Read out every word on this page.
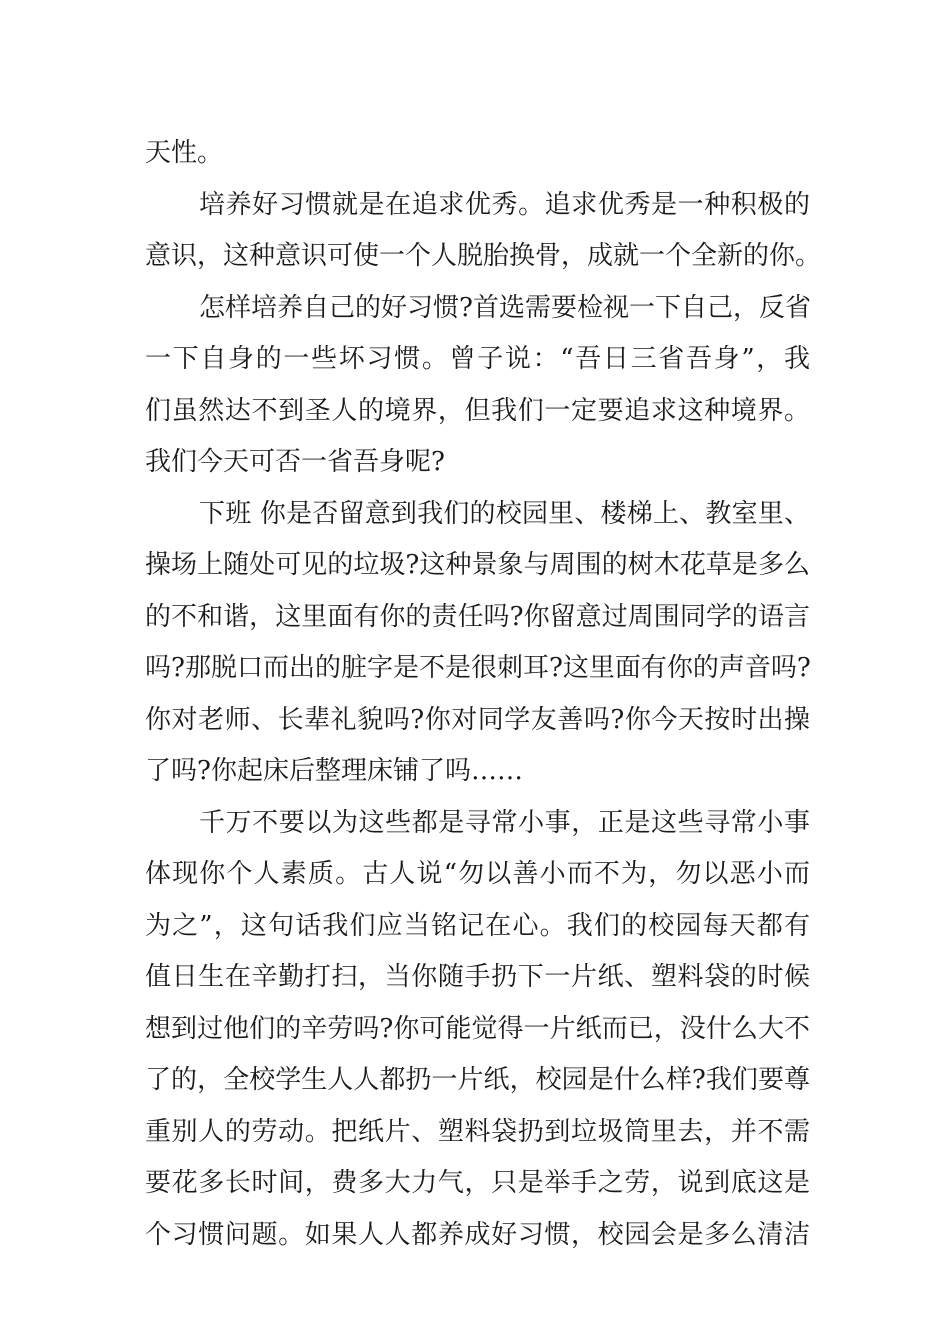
天性。
培养好习惯就是在追求优秀。追求优秀是一种积极的
意识，这种意识可使一个人脱胎换骨，成就一个全新的你。
怎样培养自己的好习惯?首选需要检视一下自己，反省
一下自身的一些坏习惯。曾子说：“吾日三省吾身”，我
们虽然达不到圣人的境界，但我们一定要追求这种境界。
我们今天可否一省吾身呢?
下班 你是否留意到我们的校园里、楼梯上、教室里、
操场上随处可见的垃圾?这种景象与周围的树木花草是多么
的不和谐，这里面有你的责任吗?你留意过周围同学的语言
吗?那脱口而出的脏字是不是很刺耳?这里面有你的声音吗?
你对老师、长辈礼貌吗?你对同学友善吗?你今天按时出操
了吗?你起床后整理床铺了吗……
千万不要以为这些都是寻常小事，正是这些寻常小事
体现你个人素质。古人说“勿以善小而不为，勿以恶小而
为之”，这句话我们应当铭记在心。我们的校园每天都有
值日生在辛勤打扫，当你随手扔下一片纸、塑料袋的时候
想到过他们的辛劳吗?你可能觉得一片纸而已，没什么大不
了的，全校学生人人都扔一片纸，校园是什么样?我们要尊
重别人的劳动。把纸片、塑料袋扔到垃圾筒里去，并不需
要花多长时间，费多大力气，只是举手之劳，说到底这是
个习惯问题。如果人人都养成好习惯，校园会是多么清洁
